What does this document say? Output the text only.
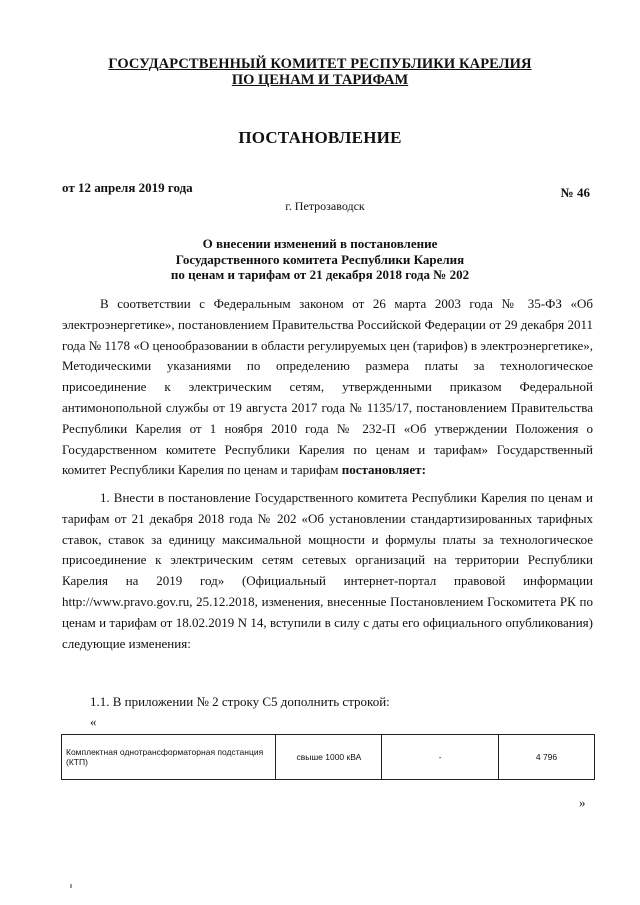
ГОСУДАРСТВЕННЫЙ КОМИТЕТ РЕСПУБЛИКИ КАРЕЛИЯ
ПО ЦЕНАМ И ТАРИФАМ
ПОСТАНОВЛЕНИЕ
от 12 апреля 2019 года	№ 46
г. Петрозаводск
О внесении изменений в постановление
Государственного комитета Республики Карелия
по ценам и тарифам от 21 декабря 2018 года № 202
В соответствии с Федеральным законом от 26 марта 2003 года № 35-ФЗ «Об электроэнергетике», постановлением Правительства Российской Федерации от 29 декабря 2011 года № 1178 «О ценообразовании в области регулируемых цен (тарифов) в электроэнергетике», Методическими указаниями по определению размера платы за технологическое присоединение к электрическим сетям, утвержденными приказом Федеральной антимонопольной службы от 19 августа 2017 года № 1135/17, постановлением Правительства Республики Карелия от 1 ноября 2010 года № 232-П «Об утверждении Положения о Государственном комитете Республики Карелия по ценам и тарифам» Государственный комитет Республики Карелия по ценам и тарифам постановляет:
1. Внести в постановление Государственного комитета Республики Карелия по ценам и тарифам от 21 декабря 2018 года № 202 «Об установлении стандартизированных тарифных ставок, ставок за единицу максимальной мощности и формулы платы за технологическое присоединение к электрическим сетям сетевых организаций на территории Республики Карелия на 2019 год» (Официальный интернет-портал правовой информации http://www.pravo.gov.ru, 25.12.2018, изменения, внесенные Постановлением Госкомитета РК по ценам и тарифам от 18.02.2019 N 14, вступили в силу с даты его официального опубликования) следующие изменения:
1.1. В приложении № 2 строку С5 дополнить строкой:
«
Комплектная однотрансформаторная подстанция (КТП)	свыше 1000 кВА	-	4 796
»
